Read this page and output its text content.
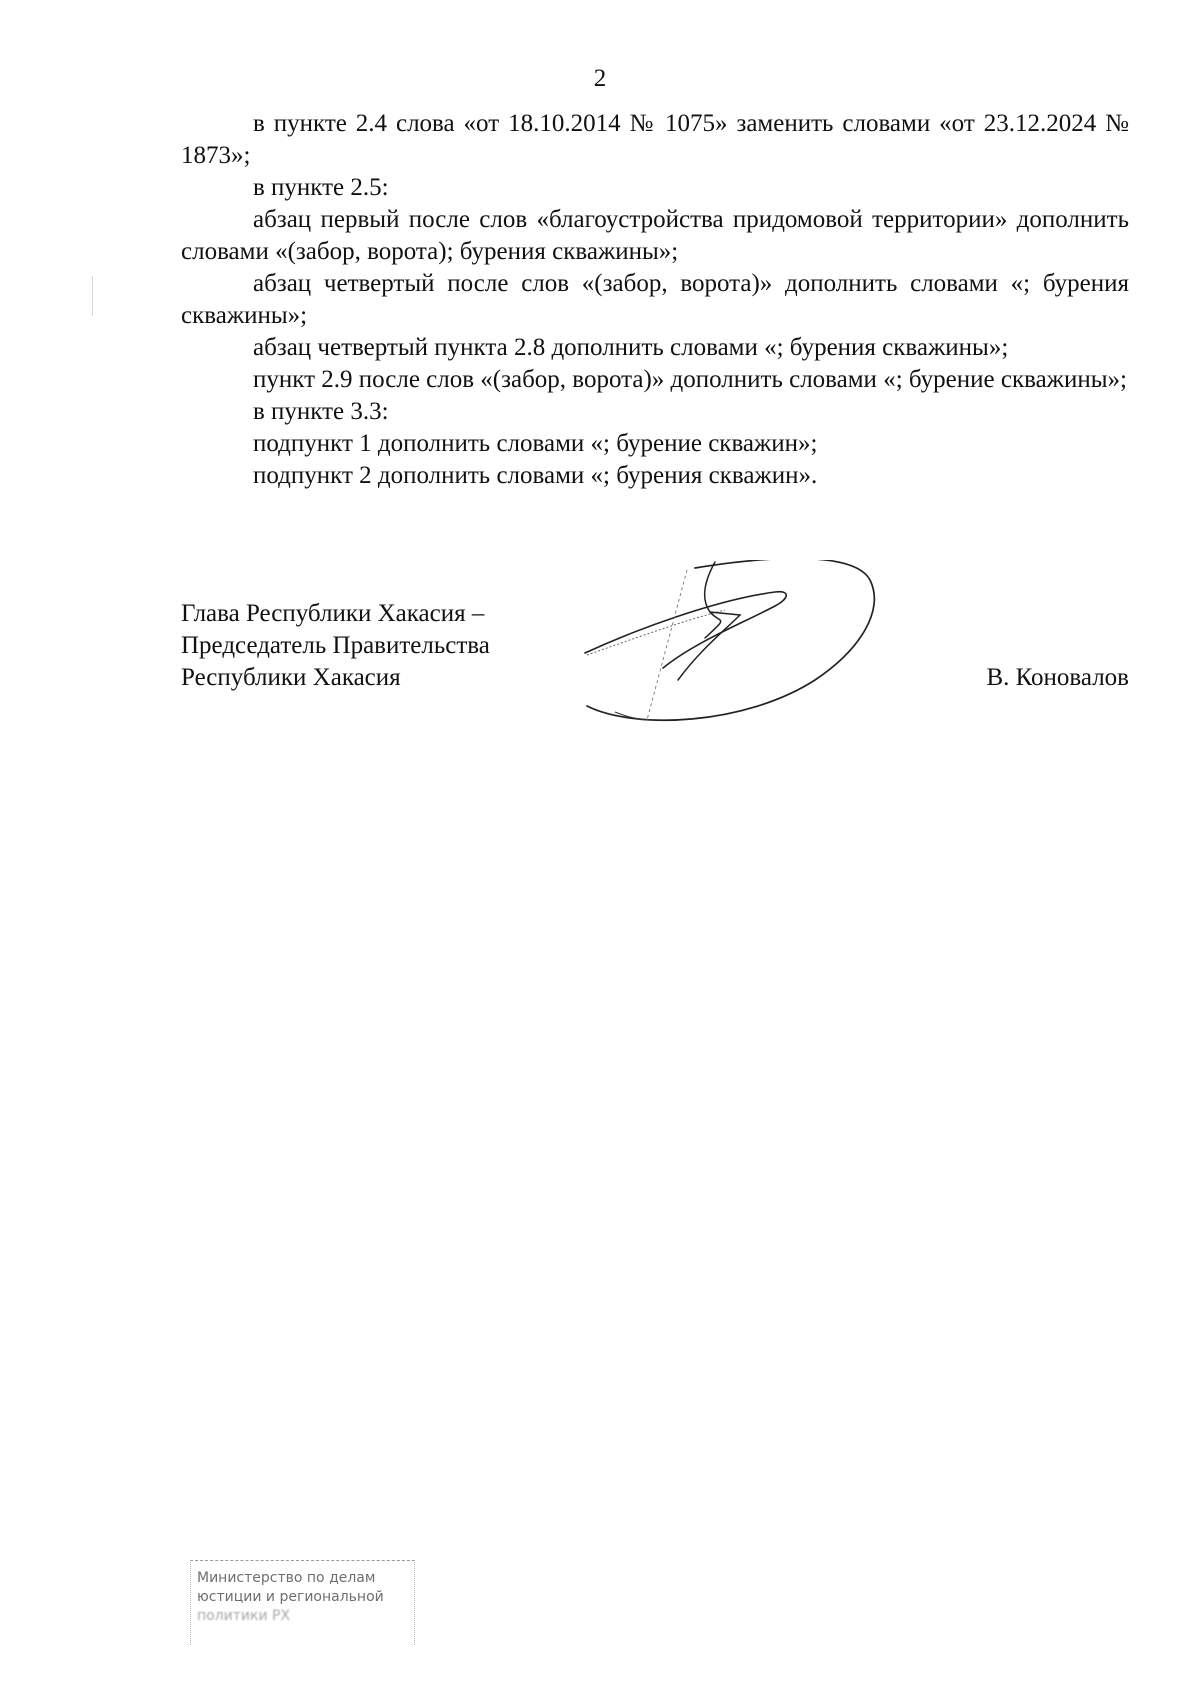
2

в пункте 2.4 слова «от 18.10.2014 № 1075» заменить словами «от 23.12.2024 № 1873»;

в пункте 2.5:

абзац первый после слов «благоустройства придомовой территории» дополнить словами «(забор, ворота); бурения скважины»;

абзац четвертый после слов «(забор, ворота)» дополнить словами «; бурения скважины»;

абзац четвертый пункта 2.8 дополнить словами «; бурения скважины»;

пункт 2.9 после слов «(забор, ворота)» дополнить словами «; бурение скважины»;

в пункте 3.3:

подпункт 1 дополнить словами «; бурение скважин»;

подпункт 2 дополнить словами «; бурения скважин».

Глава Республики Хакасия –
Председатель Правительства
Республики Хакасия	В. Коновалов
Министерство по делам
юстиции и региональной
политики РХ
